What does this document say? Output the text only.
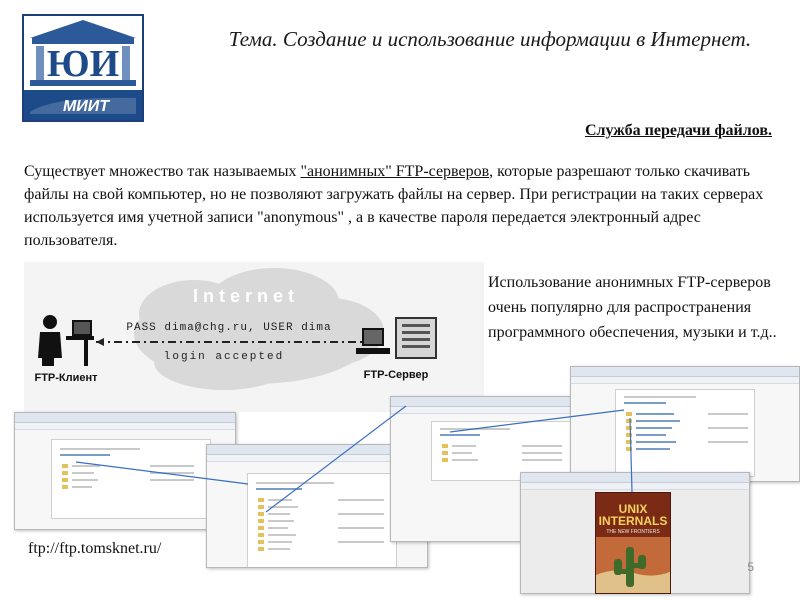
ЮИ
МИИТ
Тема. Создание и использование информации в Интернет.
Служба передачи файлов.
Существует множество так называемых "анонимных" FTP-серверов, которые разрешают только скачивать файлы на свой компьютер, но не позволяют загружать файлы на сервер. При регистрации на таких серверах используется имя учетной записи "anonymous" , а в качестве пароля передается электронный адрес пользователя.
Internet
PASS dima@chg.ru, USER dima
login accepted
FTP-Клиент	FTP-Сервер
Использование анонимных FTP-серверов очень популярно для распространения программного обеспечения, музыки и т.д..
UNIX
INTERNALS
THE NEW FRONTIERS
ftp://ftp.tomsknet.ru/
5
